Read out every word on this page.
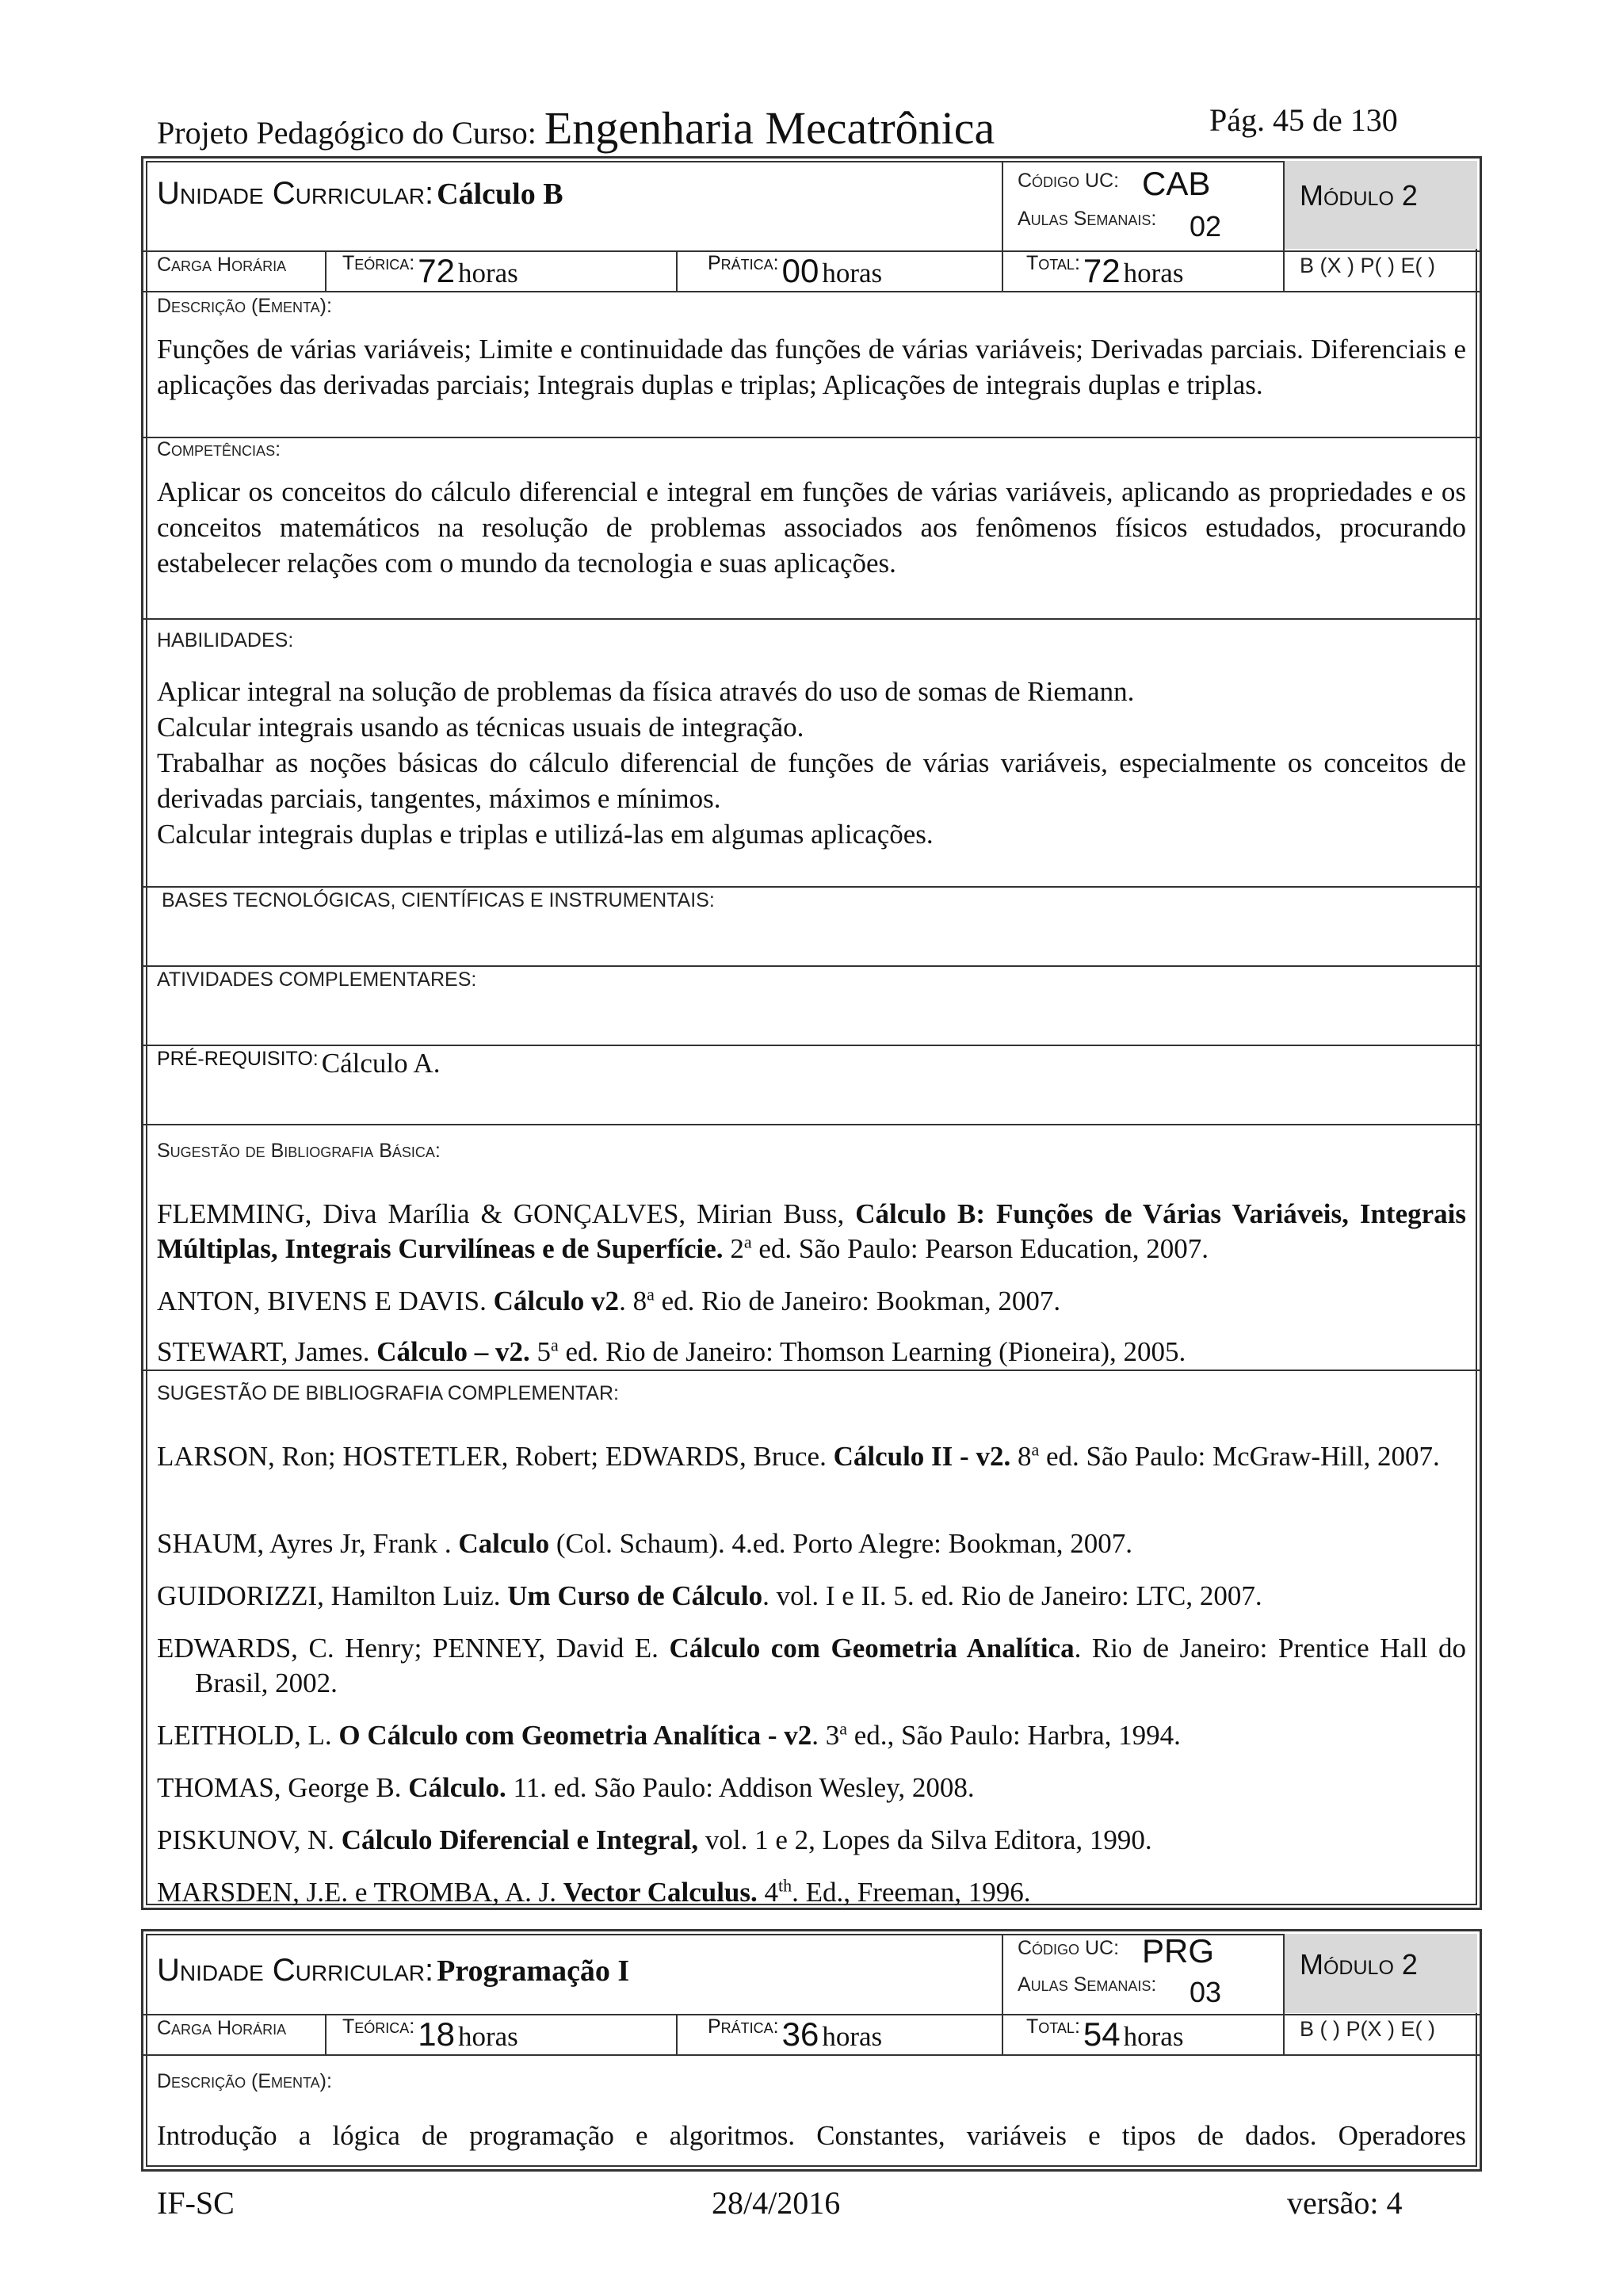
Projeto Pedagógico do Curso: Engenharia Mecatrônica	Pág. 45 de 130
Unidade Curricular: Cálculo B	Código UC: CAB
Aulas Semanais: 02
Módulo 2
Carga Horária	Teórica: 72 horas	Prática: 00 horas	Total: 72 horas	B (X ) P( ) E( )
Descrição (Ementa):
Funções de várias variáveis; Limite e continuidade das funções de várias variáveis; Derivadas parciais. Diferenciais e aplicações das derivadas parciais; Integrais duplas e triplas; Aplicações de integrais duplas e triplas.
Competências:
Aplicar os conceitos do cálculo diferencial e integral em funções de várias variáveis, aplicando as propriedades e os conceitos matemáticos na resolução de problemas associados aos fenômenos físicos estudados, procurando estabelecer relações com o mundo da tecnologia e suas aplicações.
HABILIDADES:

Aplicar integral na solução de problemas da física através do uso de somas de Riemann.

Calcular integrais usando as técnicas usuais de integração.

Trabalhar as noções básicas do cálculo diferencial de funções de várias variáveis, especialmente os conceitos de derivadas parciais, tangentes, máximos e mínimos.

Calcular integrais duplas e triplas e utilizá-las em algumas aplicações.

BASES TECNOLÓGICAS, CIENTÍFICAS E INSTRUMENTAIS:
ATIVIDADES COMPLEMENTARES:
PRÉ-REQUISITO: Cálculo A.
Sugestão de Bibliografia Básica:
FLEMMING, Diva Marília & GONÇALVES, Mirian Buss, Cálculo B: Funções de Várias Variáveis, Integrais Múltiplas, Integrais Curvilíneas e de Superfície. 2$^a$ ed. São Paulo: Pearson Education, 2007.
ANTON, BIVENS E DAVIS. Cálculo v2. 8$^a$ ed. Rio de Janeiro: Bookman, 2007.
STEWART, James. Cálculo – v2. 5$^a$ ed. Rio de Janeiro: Thomson Learning (Pioneira), 2005.
SUGESTÃO DE BIBLIOGRAFIA COMPLEMENTAR:
LARSON, Ron; HOSTETLER, Robert; EDWARDS, Bruce. Cálculo II - v2. 8$^a$ ed. São Paulo: McGraw-Hill, 2007.
SHAUM, Ayres Jr, Frank . Calculo (Col. Schaum). 4.ed. Porto Alegre: Bookman, 2007.
GUIDORIZZI, Hamilton Luiz. Um Curso de Cálculo. vol. I e II. 5. ed. Rio de Janeiro: LTC, 2007.
EDWARDS, C. Henry; PENNEY, David E. Cálculo com Geometria Analítica. Rio de Janeiro: Prentice Hall do Brasil, 2002.
LEITHOLD, L. O Cálculo com Geometria Analítica - v2. 3$^a$ ed., São Paulo: Harbra, 1994.
THOMAS, George B. Cálculo. 11. ed. São Paulo: Addison Wesley, 2008.
PISKUNOV, N. Cálculo Diferencial e Integral, vol. 1 e 2, Lopes da Silva Editora, 1990.
MARSDEN, J.E. e TROMBA, A. J. Vector Calculus. 4th. Ed., Freeman, 1996.
Unidade Curricular: Programação I
Código UC: PRG
Aulas Semanais: 03
Módulo 2
Carga Horária	Teórica: 18 horas	Prática: 36 horas	Total: 54 horas	B ( ) P(X ) E( )
Descrição (Ementa):
Introdução a lógica de programação e algoritmos. Constantes, variáveis e tipos de dados. Operadores
IF-SC	28/4/2016	versão: 4
